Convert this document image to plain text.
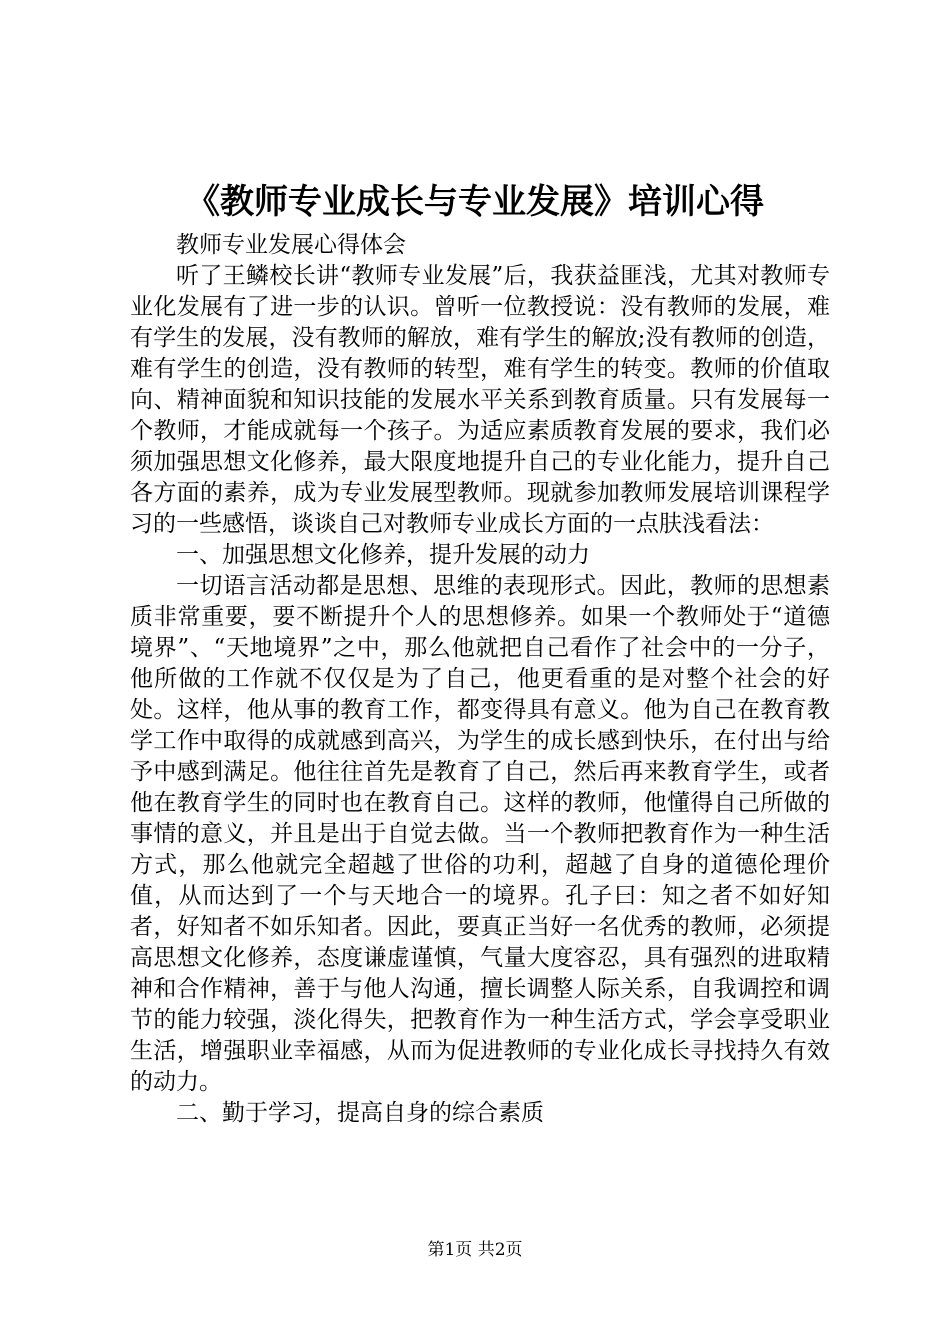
《教师专业成长与专业发展》培训心得

教师专业发展心得体会

听了王鳞校长讲“教师专业发展”后，我获益匪浅，尤其对教师专业化发展有了进一步的认识。曾听一位教授说：没有教师的发展，难有学生的发展，没有教师的解放，难有学生的解放;没有教师的创造，难有学生的创造，没有教师的转型，难有学生的转变。教师的价值取向、精神面貌和知识技能的发展水平关系到教育质量。只有发展每一个教师，才能成就每一个孩子。为适应素质教育发展的要求，我们必须加强思想文化修养，最大限度地提升自己的专业化能力，提升自己各方面的素养，成为专业发展型教师。现就参加教师发展培训课程学习的一些感悟，谈谈自己对教师专业成长方面的一点肤浅看法：

一、加强思想文化修养，提升发展的动力

一切语言活动都是思想、思维的表现形式。因此，教师的思想素质非常重要，要不断提升个人的思想修养。如果一个教师处于“道德境界”、“天地境界”之中，那么他就把自己看作了社会中的一分子，他所做的工作就不仅仅是为了自己，他更看重的是对整个社会的好处。这样，他从事的教育工作，都变得具有意义。他为自己在教育教学工作中取得的成就感到高兴，为学生的成长感到快乐，在付出与给予中感到满足。他往往首先是教育了自己，然后再来教育学生，或者他在教育学生的同时也在教育自己。这样的教师，他懂得自己所做的事情的意义，并且是出于自觉去做。当一个教师把教育作为一种生活方式，那么他就完全超越了世俗的功利，超越了自身的道德伦理价值，从而达到了一个与天地合一的境界。孔子曰：知之者不如好知者，好知者不如乐知者。因此，要真正当好一名优秀的教师，必须提高思想文化修养，态度谦虚谨慎，气量大度容忍，具有强烈的进取精神和合作精神，善于与他人沟通，擅长调整人际关系，自我调控和调节的能力较强，淡化得失，把教育作为一种生活方式，学会享受职业生活，增强职业幸福感，从而为促进教师的专业化成长寻找持久有效的动力。

二、勤于学习，提高自身的综合素质

第1页 共2页
